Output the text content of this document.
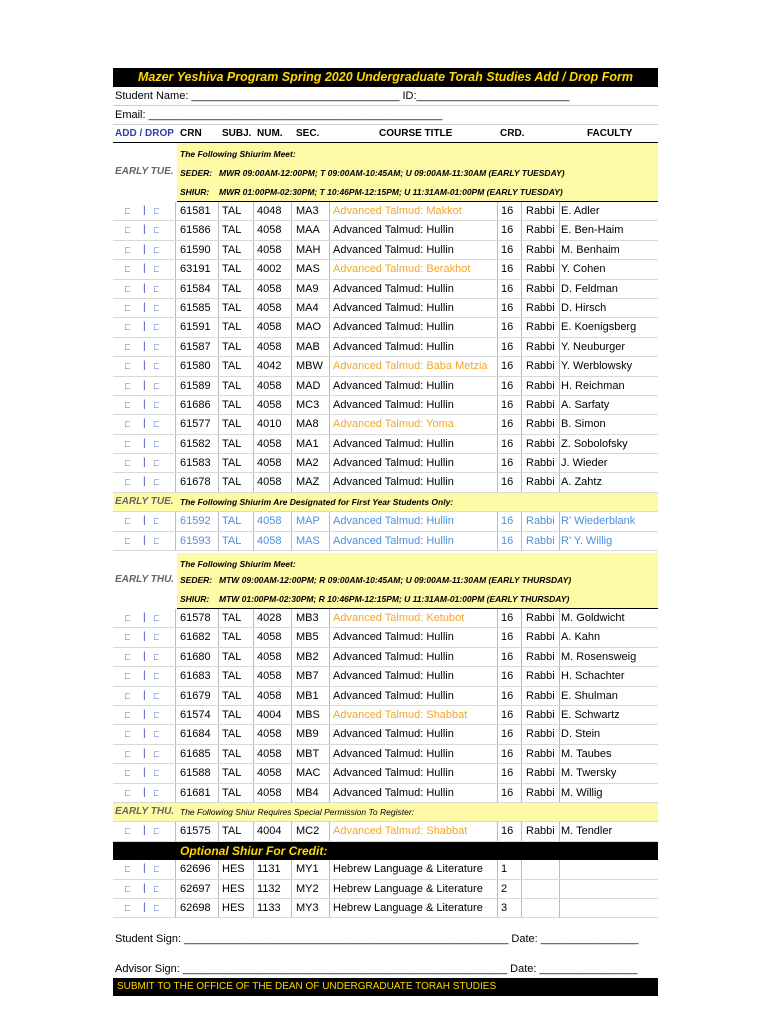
Mazer Yeshiva Program Spring 2020 Undergraduate Torah Studies Add / Drop Form
Student Name: __________________________________ ID:_________________________
Email: ________________________________________________
ADD / DROP CRN SUBJ. NUM. SEC.	COURSE TITLE	CRD.	FACULTY
The Following Shiurim Meet:
EARLY TUE. SEDER: MWR 09:00AM-12:00PM; T 09:00AM-10:45AM; U 09:00AM-11:30AM (EARLY TUESDAY)
SHIUR: MWR 01:00PM-02:30PM; T 10:46PM-12:15PM; U 11:31AM-01:00PM (EARLY TUESDAY)
□ | □ 61581 TAL 4048 MA3 Advanced Talmud: Makkot	16 Rabbi E. Adler
□ | □ 61586 TAL 4058 MAA Advanced Talmud: Hullin	16 Rabbi E. Ben-Haim
□ | □ 61590 TAL 4058 MAH Advanced Talmud: Hullin	16 Rabbi M. Benhaim
□ | □ 63191 TAL 4002 MAS Advanced Talmud: Berakhot	16 Rabbi Y. Cohen
□ | □ 61584 TAL 4058 MA9 Advanced Talmud: Hullin	16 Rabbi D. Feldman
□ | □ 61585 TAL 4058 MA4 Advanced Talmud: Hullin	16 Rabbi D. Hirsch
□ | □ 61591 TAL 4058 MAO Advanced Talmud: Hullin	16 Rabbi E. Koenigsberg
□ | □ 61587 TAL 4058 MAB Advanced Talmud: Hullin	16 Rabbi Y. Neuburger
□ | □ 61580 TAL 4042 MBW Advanced Talmud: Baba Metzia	16 Rabbi Y. Werblowsky
□ | □ 61589 TAL 4058 MAD Advanced Talmud: Hullin	16 Rabbi H. Reichman
□ | □ 61686 TAL 4058 MC3 Advanced Talmud: Hullin	16 Rabbi A. Sarfaty
□ | □ 61577 TAL 4010 MA8 Advanced Talmud: Yoma	16 Rabbi B. Simon
□ | □ 61582 TAL 4058 MA1 Advanced Talmud: Hullin	16 Rabbi Z. Sobolofsky
□ | □ 61583 TAL 4058 MA2 Advanced Talmud: Hullin	16 Rabbi J. Wieder
□ | □ 61678 TAL 4058 MAZ Advanced Talmud: Hullin	16 Rabbi A. Zahtz
EARLY TUE. The Following Shiurim Are Designated for First Year Students Only:
□ | □ 61592 TAL 4058 MAP Advanced Talmud: Hullin	16 Rabbi R' Wiederblank
□ | □ 61593 TAL 4058 MAS Advanced Talmud: Hullin	16 Rabbi R' Y. Willig
The Following Shiurim Meet:
EARLY THU. SEDER: MTW 09:00AM-12:00PM; R 09:00AM-10:45AM; U 09:00AM-11:30AM (EARLY THURSDAY)
SHIUR: MTW 01:00PM-02:30PM; R 10:46PM-12:15PM; U 11:31AM-01:00PM (EARLY THURSDAY)
□ | □ 61578 TAL 4028 MB3 Advanced Talmud: Ketubot	16 Rabbi M. Goldwicht
□ | □ 61682 TAL 4058 MB5 Advanced Talmud: Hullin	16 Rabbi A. Kahn
□ | □ 61680 TAL 4058 MB2 Advanced Talmud: Hullin	16 Rabbi M. Rosensweig
□ | □ 61683 TAL 4058 MB7 Advanced Talmud: Hullin	16 Rabbi H. Schachter
□ | □ 61679 TAL 4058 MB1 Advanced Talmud: Hullin	16 Rabbi E. Shulman
□ | □ 61574 TAL 4004 MBS Advanced Talmud: Shabbat	16 Rabbi E. Schwartz
□ | □ 61684 TAL 4058 MB9 Advanced Talmud: Hullin	16 Rabbi D. Stein
□ | □ 61685 TAL 4058 MBT Advanced Talmud: Hullin	16 Rabbi M. Taubes
□ | □ 61588 TAL 4058 MAC Advanced Talmud: Hullin	16 Rabbi M. Twersky
□ | □ 61681 TAL 4058 MB4 Advanced Talmud: Hullin	16 Rabbi M. Willig
EARLY THU. The Following Shiur Requires Special Permission To Register:
□ | □ 61575 TAL 4004 MC2 Advanced Talmud: Shabbat	16 Rabbi M. Tendler
Optional Shiur For Credit:
□ | □ 62696 HES 1131 MY1 Hebrew Language & Literature	1
□ | □ 62697 HES 1132 MY2 Hebrew Language & Literature	2
□ | □ 62698 HES 1133 MY3 Hebrew Language & Literature	3
Student Sign: _____________________________________________________ Date: ________________
Advisor Sign: _____________________________________________________ Date: ________________
SUBMIT TO THE OFFICE OF THE DEAN OF UNDERGRADUATE TORAH STUDIES
